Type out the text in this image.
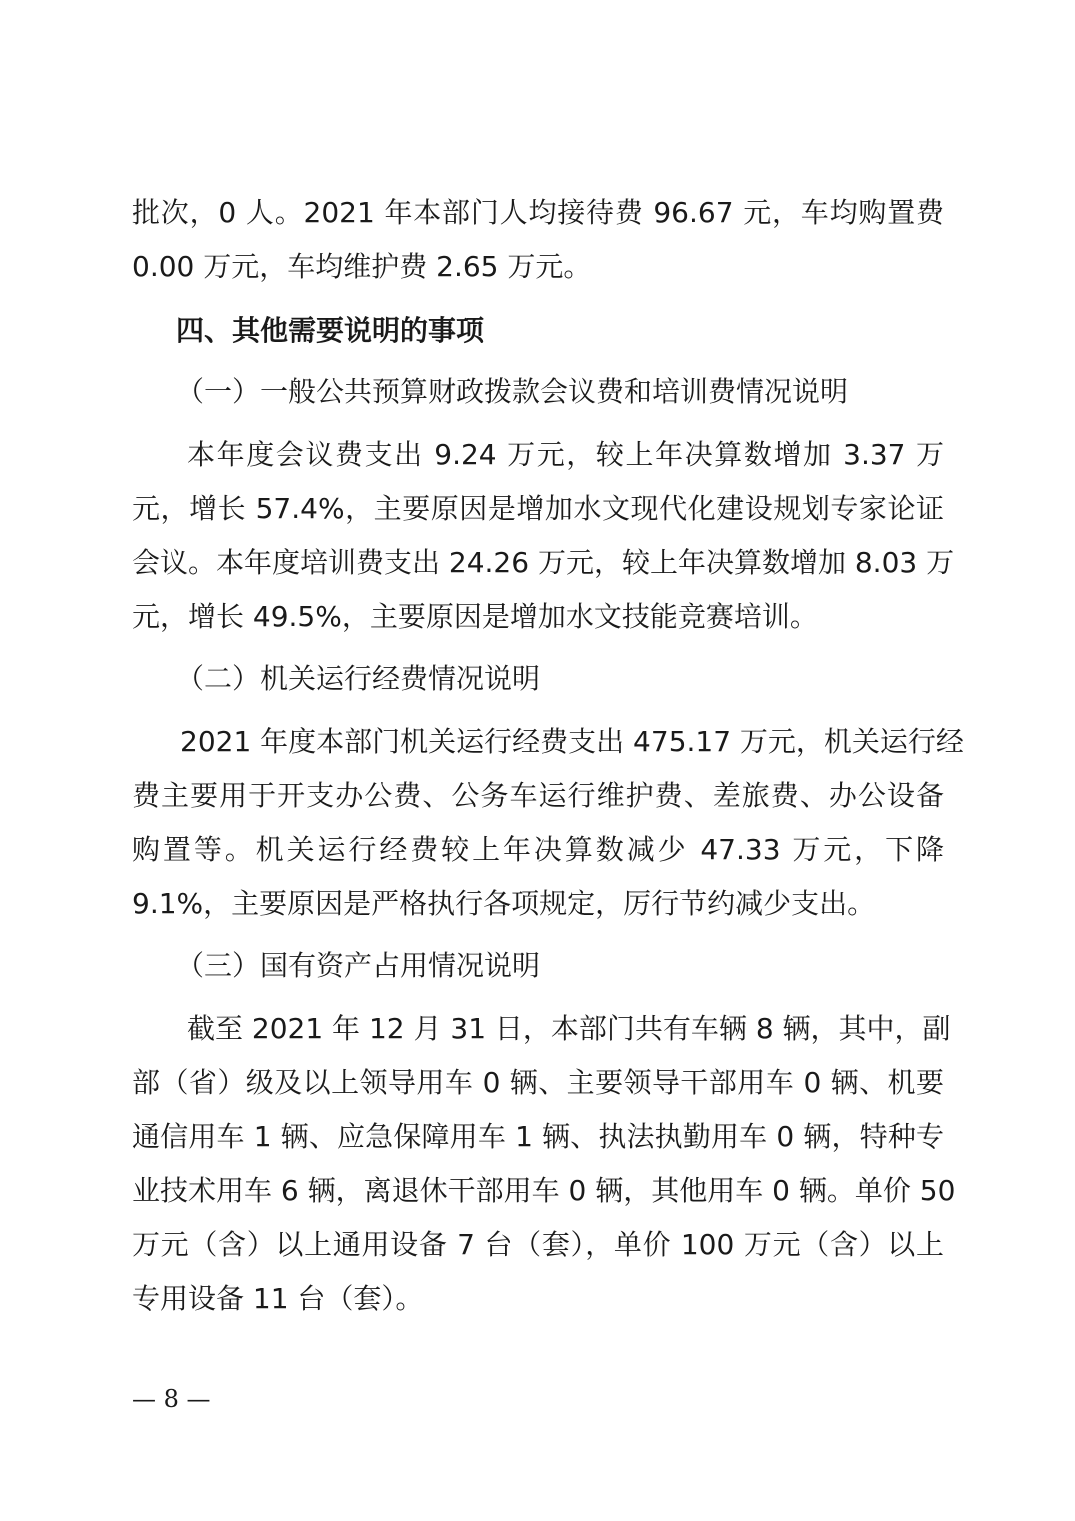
批次，0 人。2021 年本部门人均接待费 96.67 元，车均购置费
0.00 万元，车均维护费 2.65 万元。
四、其他需要说明的事项
（一）一般公共预算财政拨款会议费和培训费情况说明
本年度会议费支出 9.24 万元，较上年决算数增加 3.37 万
元，增长 57.4%，主要原因是增加水文现代化建设规划专家论证
会议。本年度培训费支出 24.26 万元，较上年决算数增加 8.03 万
元，增长 49.5%，主要原因是增加水文技能竞赛培训。
（二）机关运行经费情况说明
2021 年度本部门机关运行经费支出 475.17 万元，机关运行经
费主要用于开支办公费、公务车运行维护费、差旅费、办公设备
购置等。机关运行经费较上年决算数减少 47.33 万元，下降
9.1%，主要原因是严格执行各项规定，厉行节约减少支出。
（三）国有资产占用情况说明
截至 2021 年 12 月 31 日，本部门共有车辆 8 辆，其中，副
部（省）级及以上领导用车 0 辆、主要领导干部用车 0 辆、机要
通信用车 1 辆、应急保障用车 1 辆、执法执勤用车 0 辆，特种专
业技术用车 6 辆，离退休干部用车 0 辆，其他用车 0 辆。单价 50
万元（含）以上通用设备 7 台（套），单价 100 万元（含）以上
专用设备 11 台（套）。
— 8 —
